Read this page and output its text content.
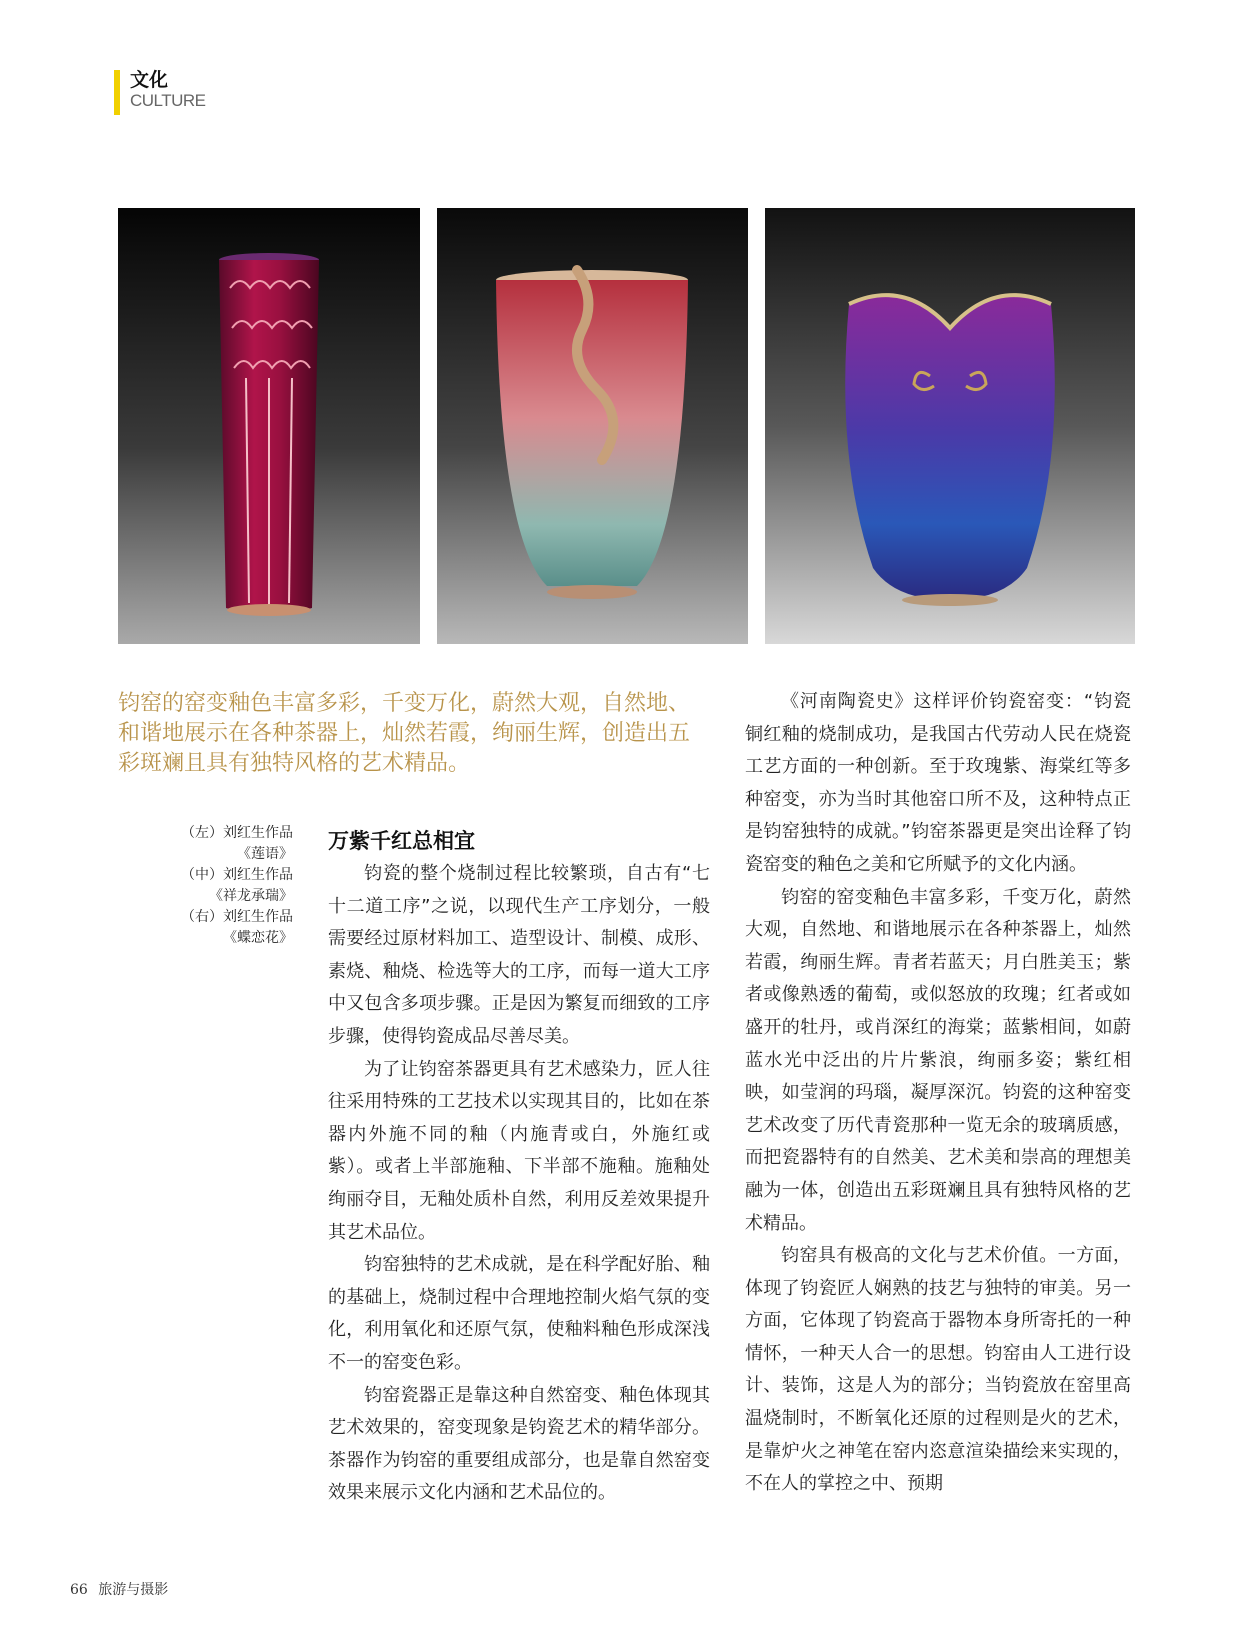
文化
CULTURE
钧窑的窑变釉色丰富多彩，千变万化，蔚然大观，自然地、和谐地展示在各种茶器上，灿然若霞，绚丽生辉，创造出五彩斑斓且具有独特风格的艺术精品。
（左）刘红生作品
《莲语》
（中）刘红生作品
《祥龙承瑞》
（右）刘红生作品
《蝶恋花》
万紫千红总相宜

钧瓷的整个烧制过程比较繁琐，自古有“七十二道工序”之说，以现代生产工序划分，一般需要经过原材料加工、造型设计、制模、成形、素烧、釉烧、检选等大的工序，而每一道大工序中又包含多项步骤。正是因为繁复而细致的工序步骤，使得钧瓷成品尽善尽美。

为了让钧窑茶器更具有艺术感染力，匠人往往采用特殊的工艺技术以实现其目的，比如在茶器内外施不同的釉（内施青或白，外施红或紫）。或者上半部施釉、下半部不施釉。施釉处绚丽夺目，无釉处质朴自然，利用反差效果提升其艺术品位。

钧窑独特的艺术成就，是在科学配好胎、釉的基础上，烧制过程中合理地控制火焰气氛的变化，利用氧化和还原气氛，使釉料釉色形成深浅不一的窑变色彩。

钧窑瓷器正是靠这种自然窑变、釉色体现其艺术效果的，窑变现象是钧瓷艺术的精华部分。茶器作为钧窑的重要组成部分，也是靠自然窑变效果来展示文化内涵和艺术品位的。

《河南陶瓷史》这样评价钧瓷窑变：“钧瓷铜红釉的烧制成功，是我国古代劳动人民在烧瓷工艺方面的一种创新。至于玫瑰紫、海棠红等多种窑变，亦为当时其他窑口所不及，这种特点正是钧窑独特的成就。”钧窑茶器更是突出诠释了钧瓷窑变的釉色之美和它所赋予的文化内涵。

钧窑的窑变釉色丰富多彩，千变万化，蔚然大观，自然地、和谐地展示在各种茶器上，灿然若霞，绚丽生辉。青者若蓝天；月白胜美玉；紫者或像熟透的葡萄，或似怒放的玫瑰；红者或如盛开的牡丹，或肖深红的海棠；蓝紫相间，如蔚蓝水光中泛出的片片紫浪，绚丽多姿；紫红相映，如莹润的玛瑙，凝厚深沉。钧瓷的这种窑变艺术改变了历代青瓷那种一览无余的玻璃质感，而把瓷器特有的自然美、艺术美和崇高的理想美融为一体，创造出五彩斑斓且具有独特风格的艺术精品。

钧窑具有极高的文化与艺术价值。一方面，体现了钧瓷匠人娴熟的技艺与独特的审美。另一方面，它体现了钧瓷高于器物本身所寄托的一种情怀，一种天人合一的思想。钧窑由人工进行设计、装饰，这是人为的部分；当钧瓷放在窑里高温烧制时，不断氧化还原的过程则是火的艺术，是靠炉火之神笔在窑内恣意渲染描绘来实现的，不在人的掌控之中、预期

66 旅游与摄影
